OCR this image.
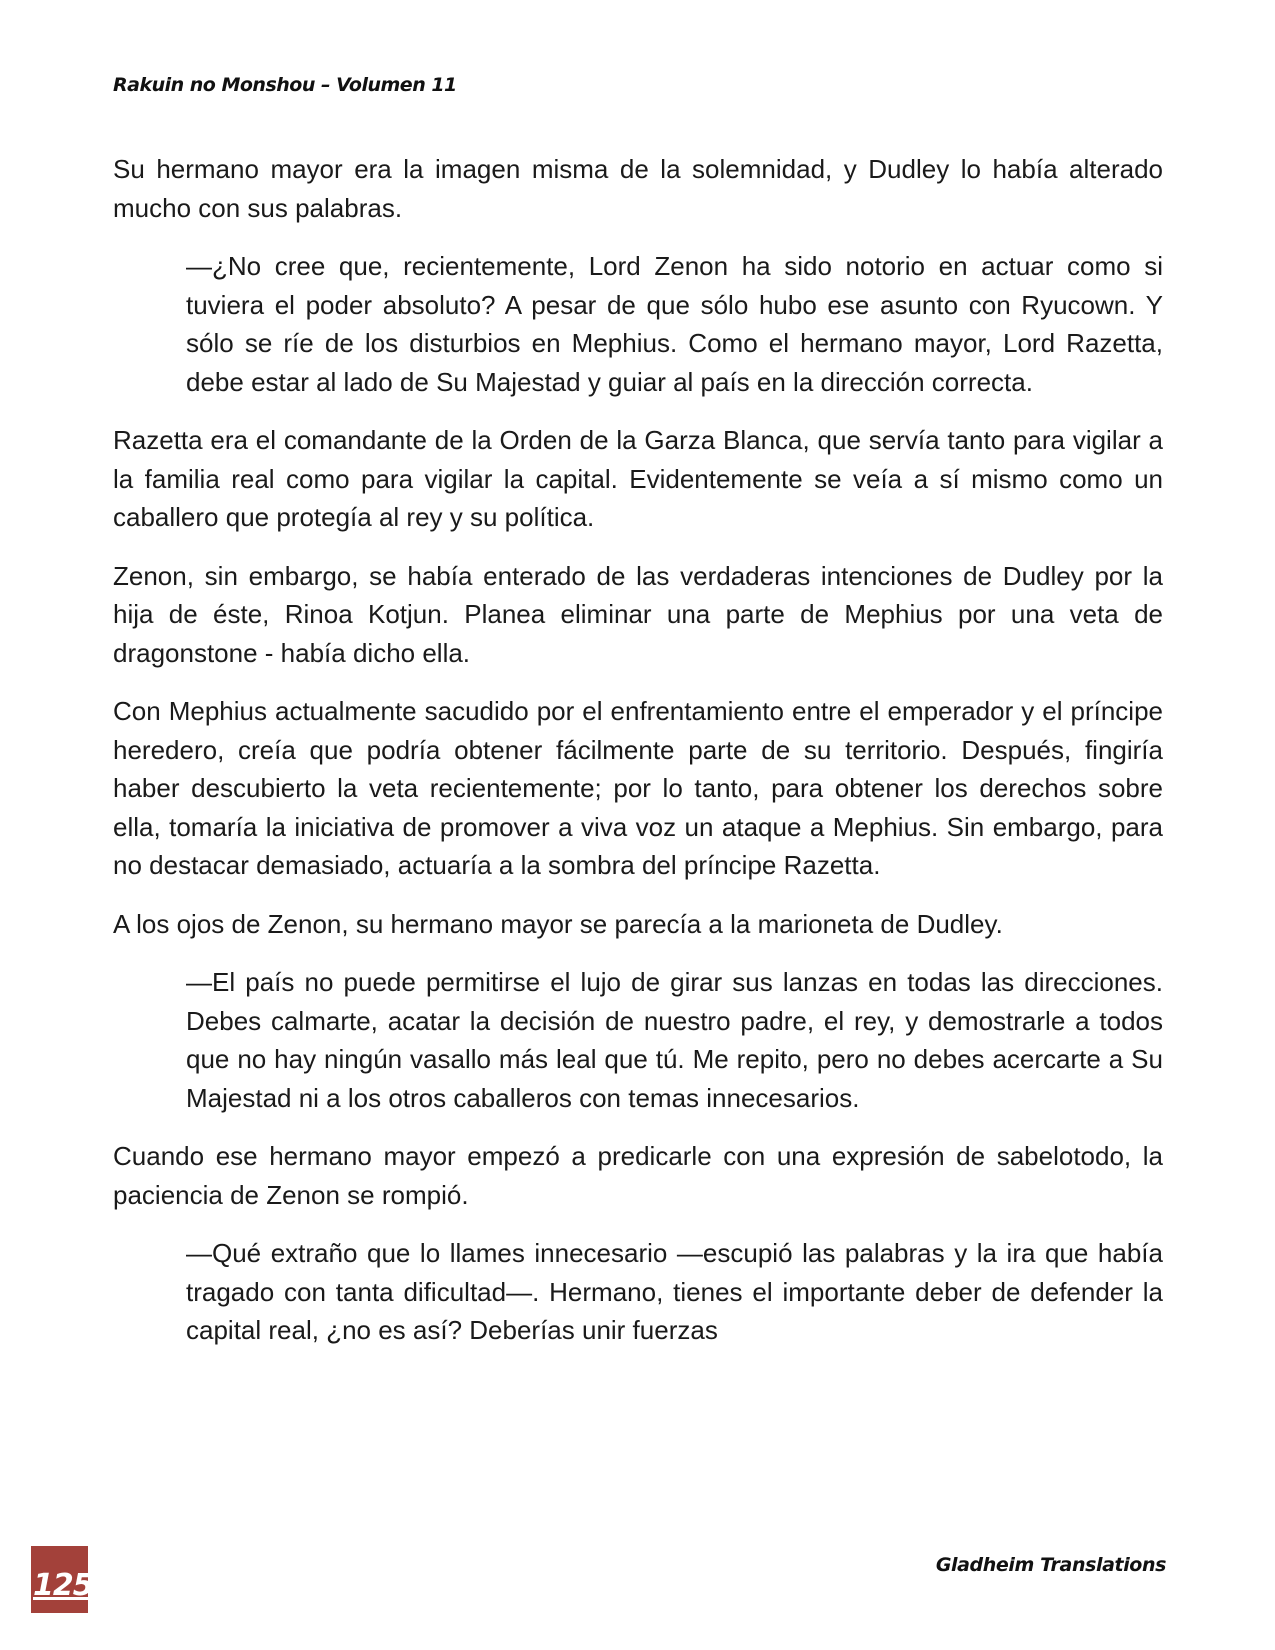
Rakuin no Monshou – Volumen 11

Su hermano mayor era la imagen misma de la solemnidad, y Dudley lo había alterado mucho con sus palabras.

—¿No cree que, recientemente, Lord Zenon ha sido notorio en actuar como si tuviera el poder absoluto? A pesar de que sólo hubo ese asunto con Ryucown. Y sólo se ríe de los disturbios en Mephius. Como el hermano mayor, Lord Razetta, debe estar al lado de Su Majestad y guiar al país en la dirección correcta.

Razetta era el comandante de la Orden de la Garza Blanca, que servía tanto para vigilar a la familia real como para vigilar la capital. Evidentemente se veía a sí mismo como un caballero que protegía al rey y su política.

Zenon, sin embargo, se había enterado de las verdaderas intenciones de Dudley por la hija de éste, Rinoa Kotjun. Planea eliminar una parte de Mephius por una veta de dragonstone - había dicho ella.

Con Mephius actualmente sacudido por el enfrentamiento entre el emperador y el príncipe heredero, creía que podría obtener fácilmente parte de su territorio. Después, fingiría haber descubierto la veta recientemente; por lo tanto, para obtener los derechos sobre ella, tomaría la iniciativa de promover a viva voz un ataque a Mephius. Sin embargo, para no destacar demasiado, actuaría a la sombra del príncipe Razetta.

A los ojos de Zenon, su hermano mayor se parecía a la marioneta de Dudley.

—El país no puede permitirse el lujo de girar sus lanzas en todas las direcciones. Debes calmarte, acatar la decisión de nuestro padre, el rey, y demostrarle a todos que no hay ningún vasallo más leal que tú. Me repito, pero no debes acercarte a Su Majestad ni a los otros caballeros con temas innecesarios.

Cuando ese hermano mayor empezó a predicarle con una expresión de sabelotodo, la paciencia de Zenon se rompió.

—Qué extraño que lo llames innecesario —escupió las palabras y la ira que había tragado con tanta dificultad—. Hermano, tienes el importante deber de defender la capital real, ¿no es así? Deberías unir fuerzas

125
Gladheim Translations
